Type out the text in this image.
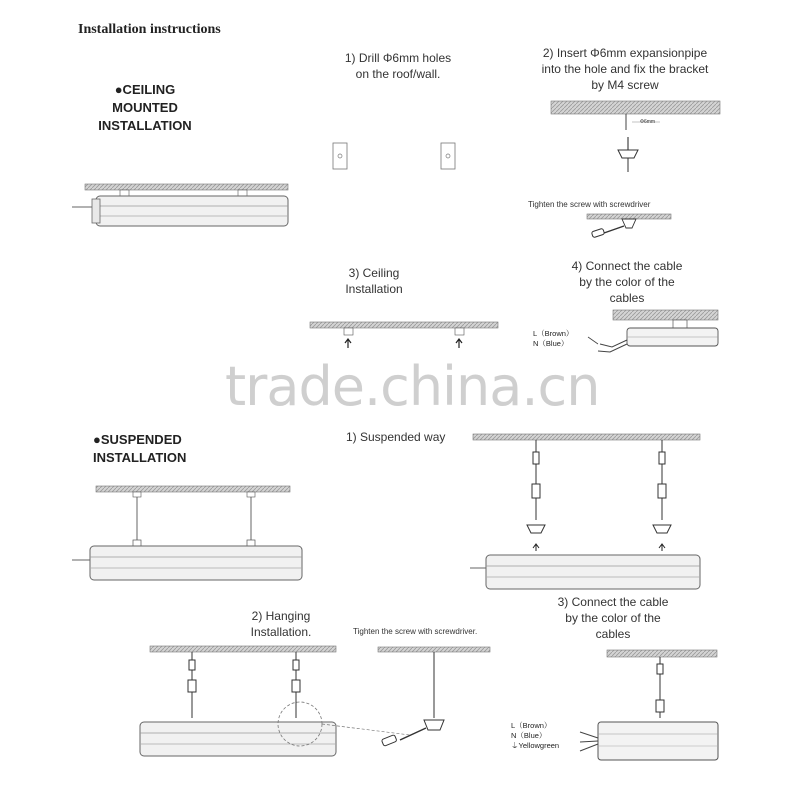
trade.china.cn
Installation instructions
●CEILING
MOUNTED
INSTALLATION
1) Drill Φ6mm holes
on the roof/wall.
2) Insert Φ6mm expansionpipe
into the hole and fix the bracket
by M4 screw
Φ6mm
Tighten the screw with screwdriver
3) Ceiling
Installation
4) Connect the cable
by the color of the
cables
L（Brown）
N（Blue）
●SUSPENDED
INSTALLATION
1) Suspended way
2) Hanging
Installation.	Tighten the screw with screwdriver.
3) Connect the cable
by the color of the
cables
L（Brown）
N（Blue）
⏚Yellowgreen
